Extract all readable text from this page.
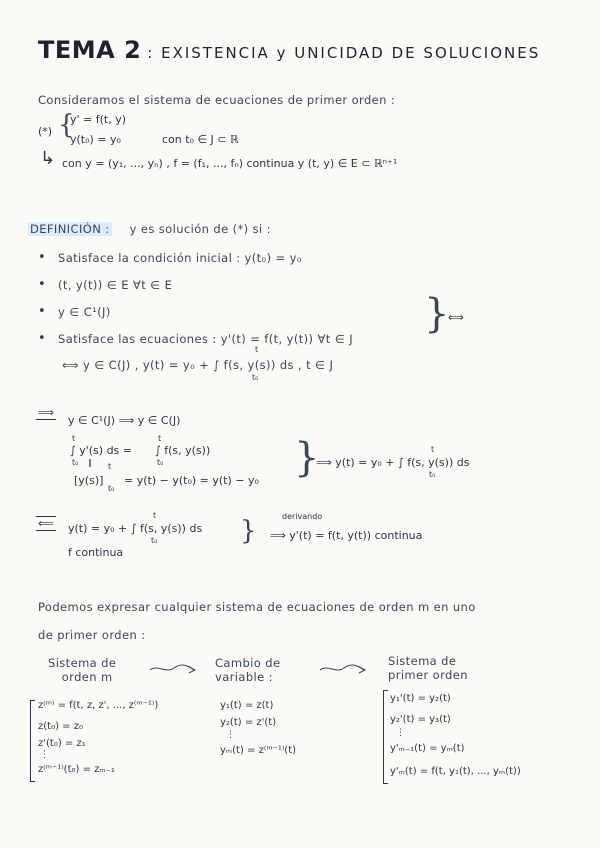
TEMA 2 : EXISTENCIA y UNICIDAD DE SOLUCIONES
Consideramos el sistema de ecuaciones de primer orden :
(*) {
y' = f(t, y)
y(t₀) = y₀	con t₀ ∈ J ⊂ ℝ
↳ con y = (y₁, ..., yₙ) , f = (f₁, ..., fₙ) continua y (t, y) ∈ E ⊂ ℝⁿ⁺¹
DEFINICIÓN : y es solución de (*) si :
• Satisface la condición inicial : y(t₀) = y₀
• (t, y(t)) ∈ E ∀t ∈ E
• y ∈ C¹(J)
• Satisface las ecuaciones : y'(t) = f(t, y(t)) ∀t ∈ J
}
⟺
t
⟺ y ∈ C(J) , y(t) = y₀ + ∫ f(s, y(s)) ds , t ∈ J
t₀
⟹
y ∈ C¹(J) ⟹ y ∈ C(J)
t	t
∫ y'(s) ds = ∫ f(s, y(s))
t₀ ‖	t₀
t
[y(s)] = y(t) − y(t₀) = y(t) − y₀
t₀
}	t
⟹ y(t) = y₀ + ∫ f(s, y(s)) ds
t₀
⟸
t
y(t) = y₀ + ∫ f(s, y(s)) ds
t₀
f continua
}	derivando
⟹ y'(t) = f(t, y(t)) continua
Podemos expresar cualquier sistema de ecuaciones de orden m en uno
de primer orden :
Sistema de
orden m
Cambio de
variable :
Sistema de
primer orden
z⁽ᵐ⁾ = f(t, z, z', ..., z⁽ᵐ⁻¹⁾)
z(t₀) = z₀
z'(t₀) = z₁
⋮
z⁽ᵐ⁻¹⁾(t₀) = zₘ₋₁
y₁(t) = z(t)
y₂(t) = z'(t)
⋮
yₘ(t) = z⁽ᵐ⁻¹⁾(t)
y₁'(t) = y₂(t)
y₂'(t) = y₃(t)
⋮
y'ₘ₋₁(t) = yₘ(t)
y'ₘ(t) = f(t, y₁(t), ..., yₘ(t))
